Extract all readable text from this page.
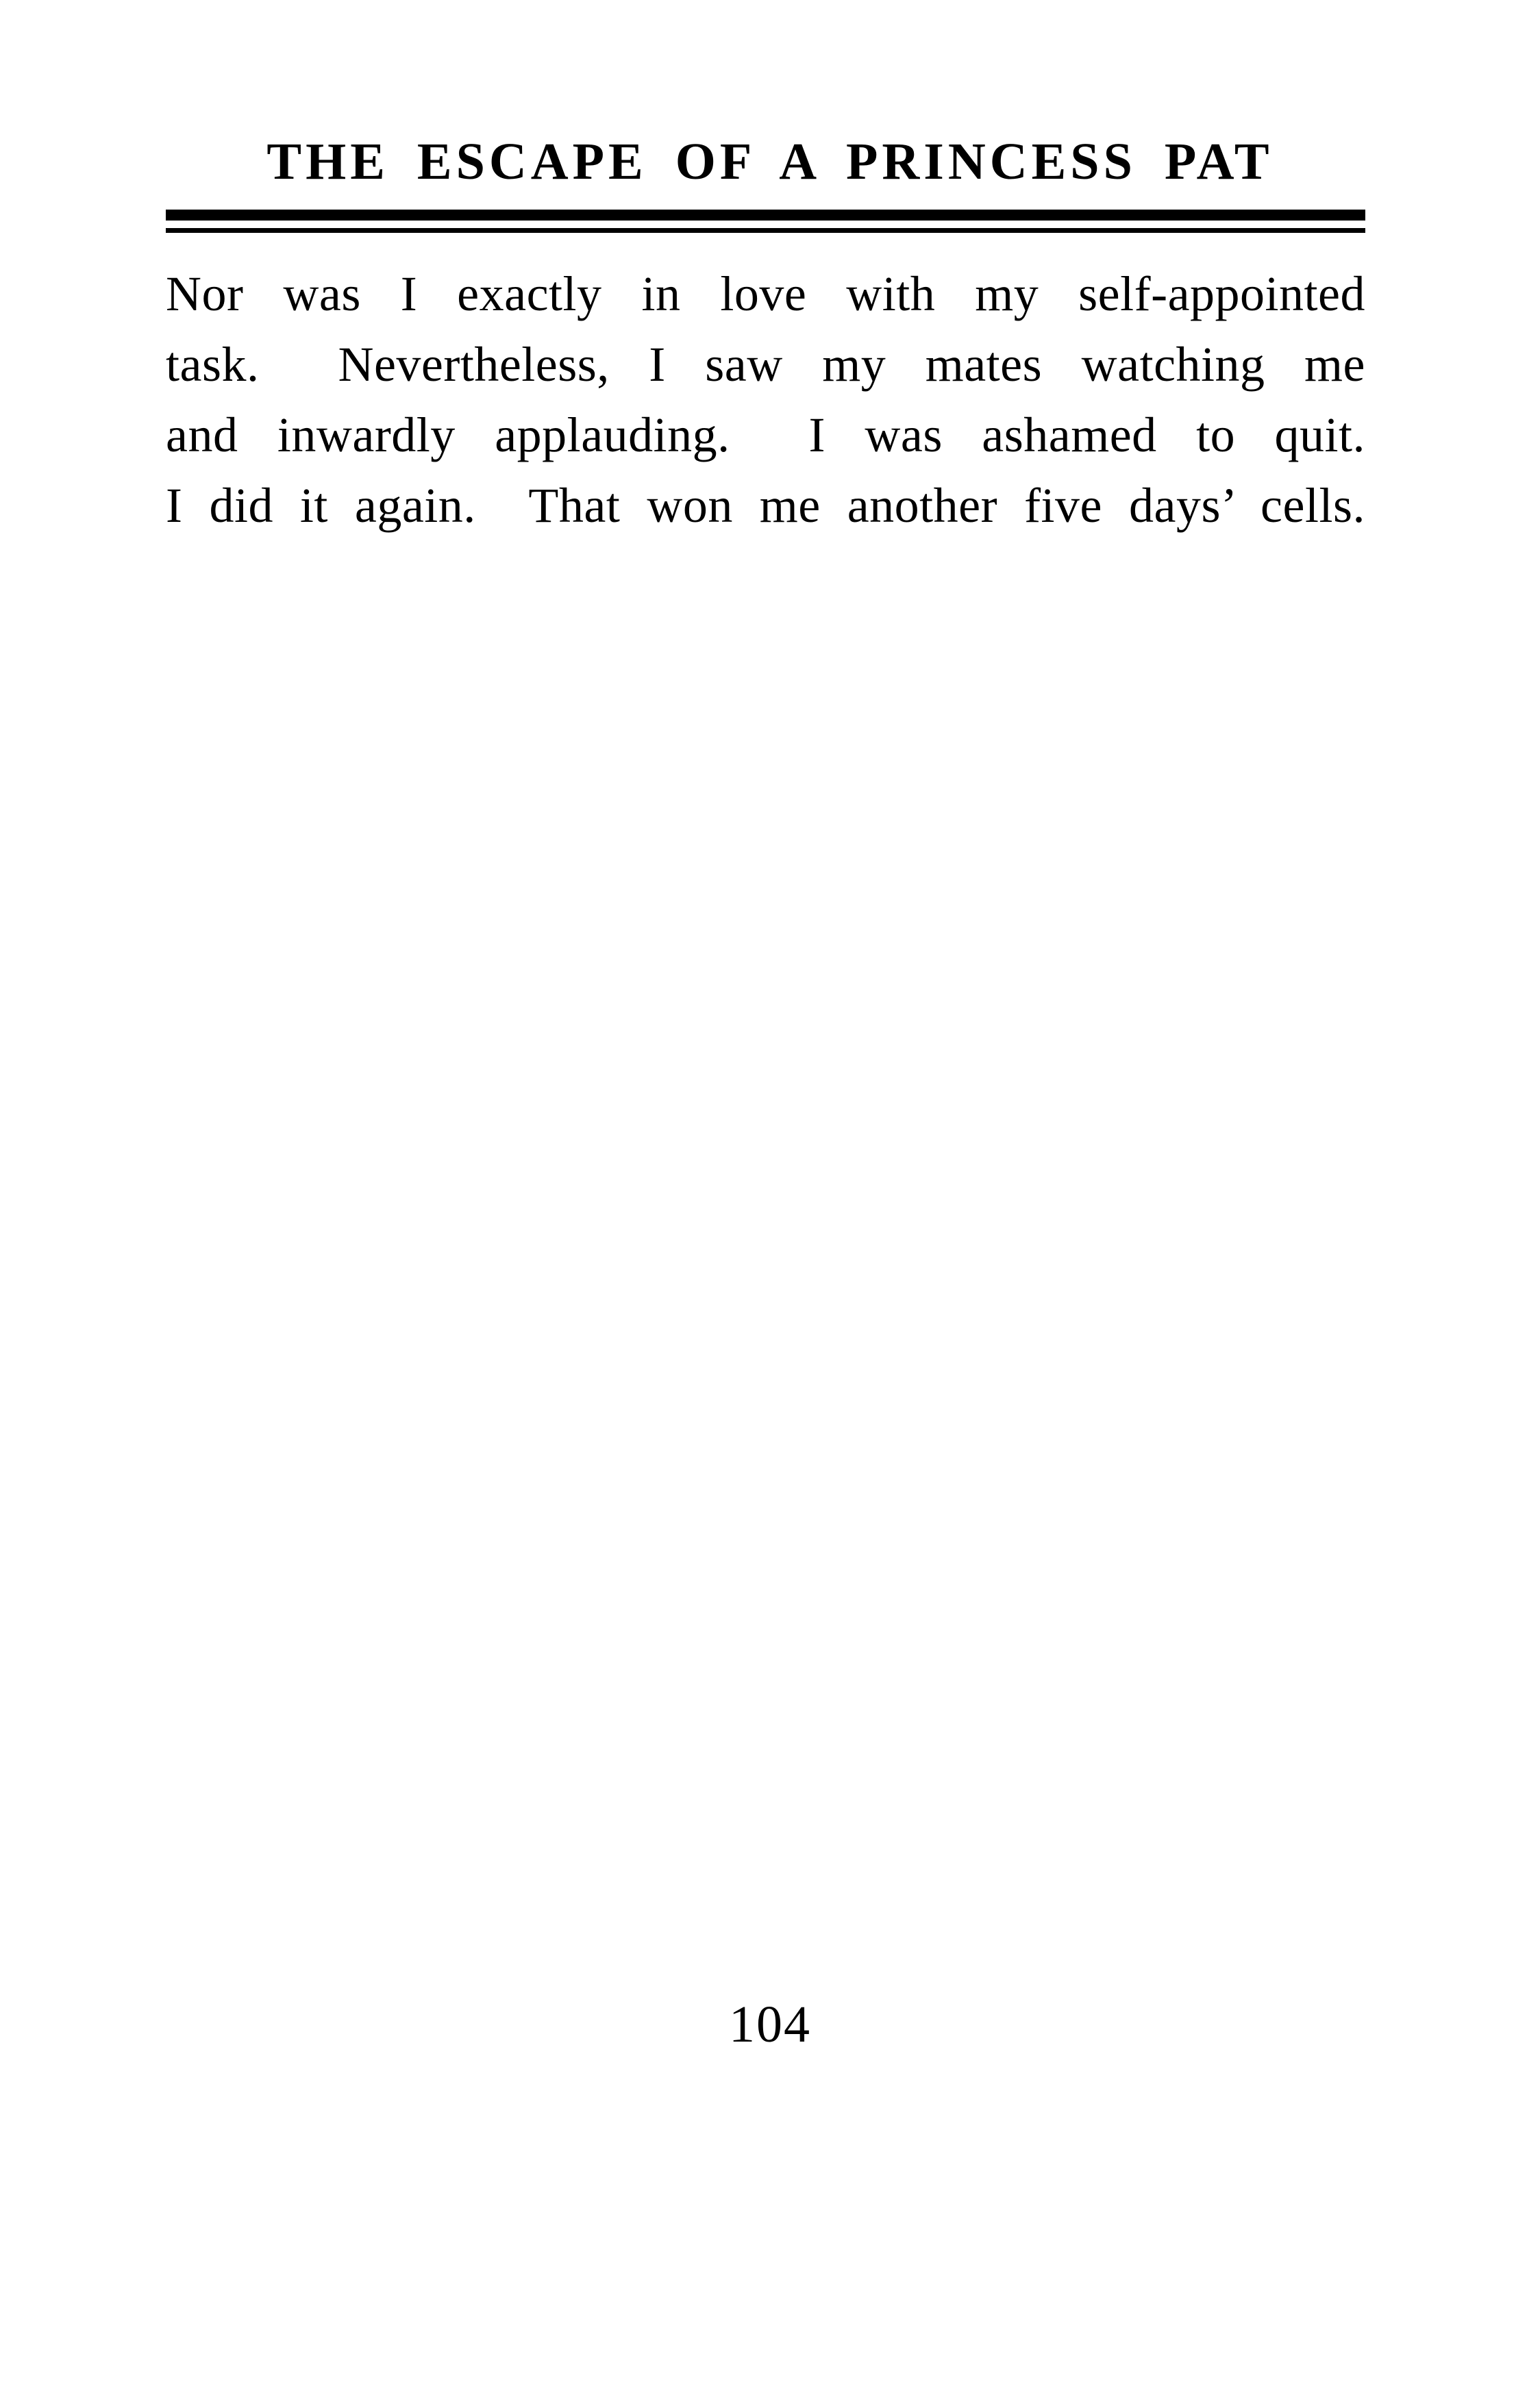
THE ESCAPE OF A PRINCESS PAT
Nor was I exactly in love with my self-appointed
task.  Nevertheless, I saw my mates watching me
and inwardly applauding.  I was ashamed to quit.
I did it again.  That won me another five days’ cells.
104
